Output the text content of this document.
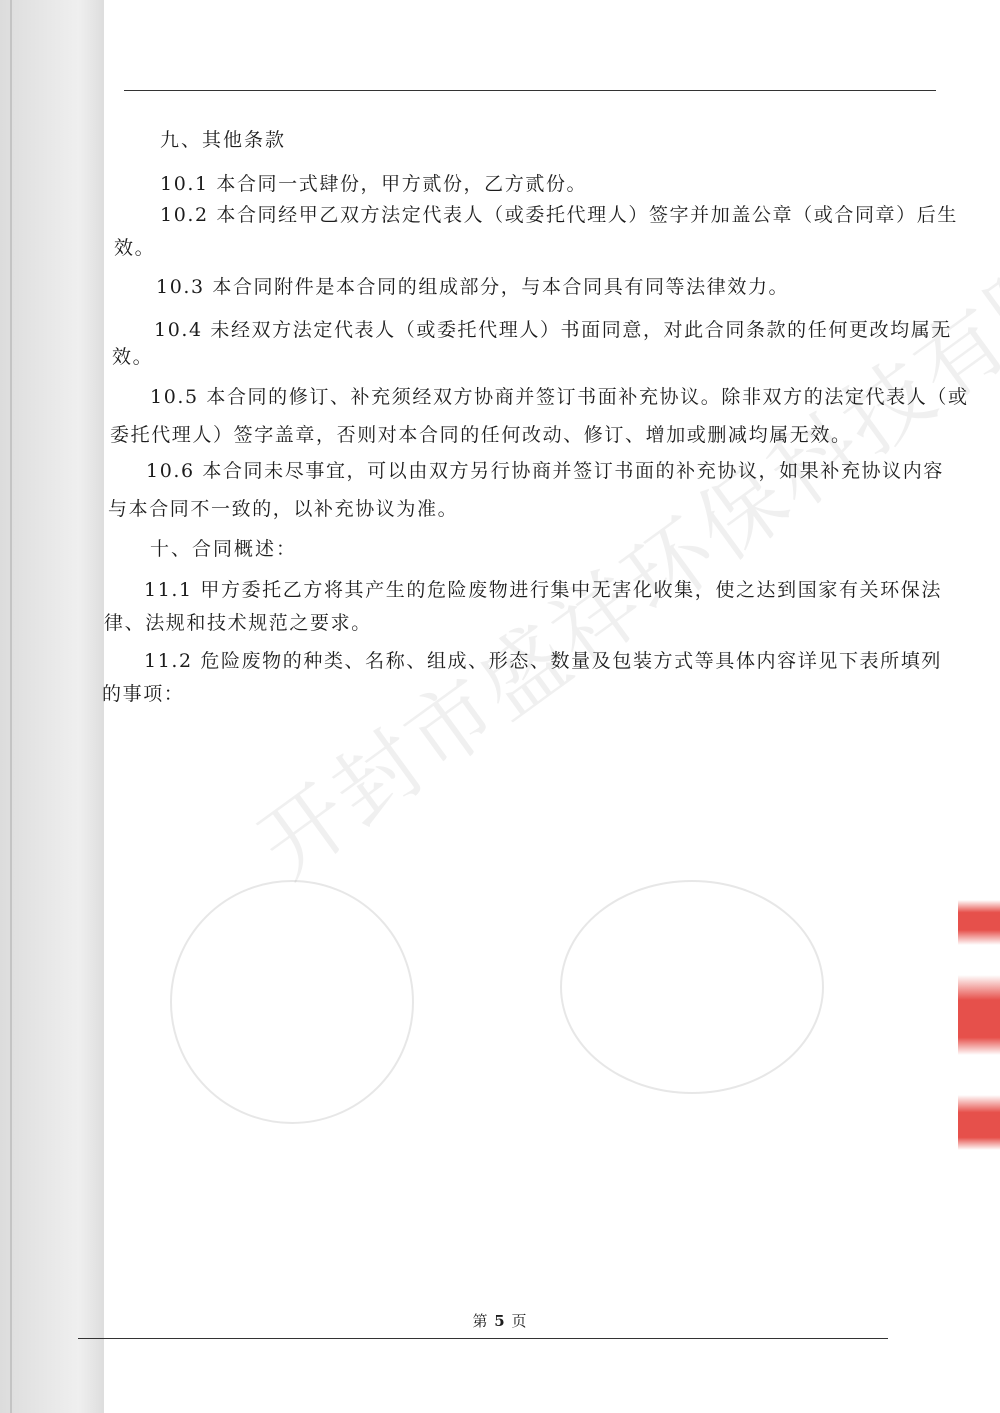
九、其他条款
10.1 本合同一式肆份，甲方贰份，乙方贰份。
10.2 本合同经甲乙双方法定代表人（或委托代理人）签字并加盖公章（或合同章）后生
效。
10.3 本合同附件是本合同的组成部分，与本合同具有同等法律效力。
10.4 未经双方法定代表人（或委托代理人）书面同意，对此合同条款的任何更改均属无
效。
10.5 本合同的修订、补充须经双方协商并签订书面补充协议。除非双方的法定代表人（或
委托代理人）签字盖章，否则对本合同的任何改动、修订、增加或删减均属无效。
10.6 本合同未尽事宜，可以由双方另行协商并签订书面的补充协议，如果补充协议内容
与本合同不一致的，以补充协议为准。
十、合同概述：
11.1 甲方委托乙方将其产生的危险废物进行集中无害化收集，使之达到国家有关环保法
律、法规和技术规范之要求。
11.2 危险废物的种类、名称、组成、形态、数量及包装方式等具体内容详见下表所填列
的事项：
第 5 页
